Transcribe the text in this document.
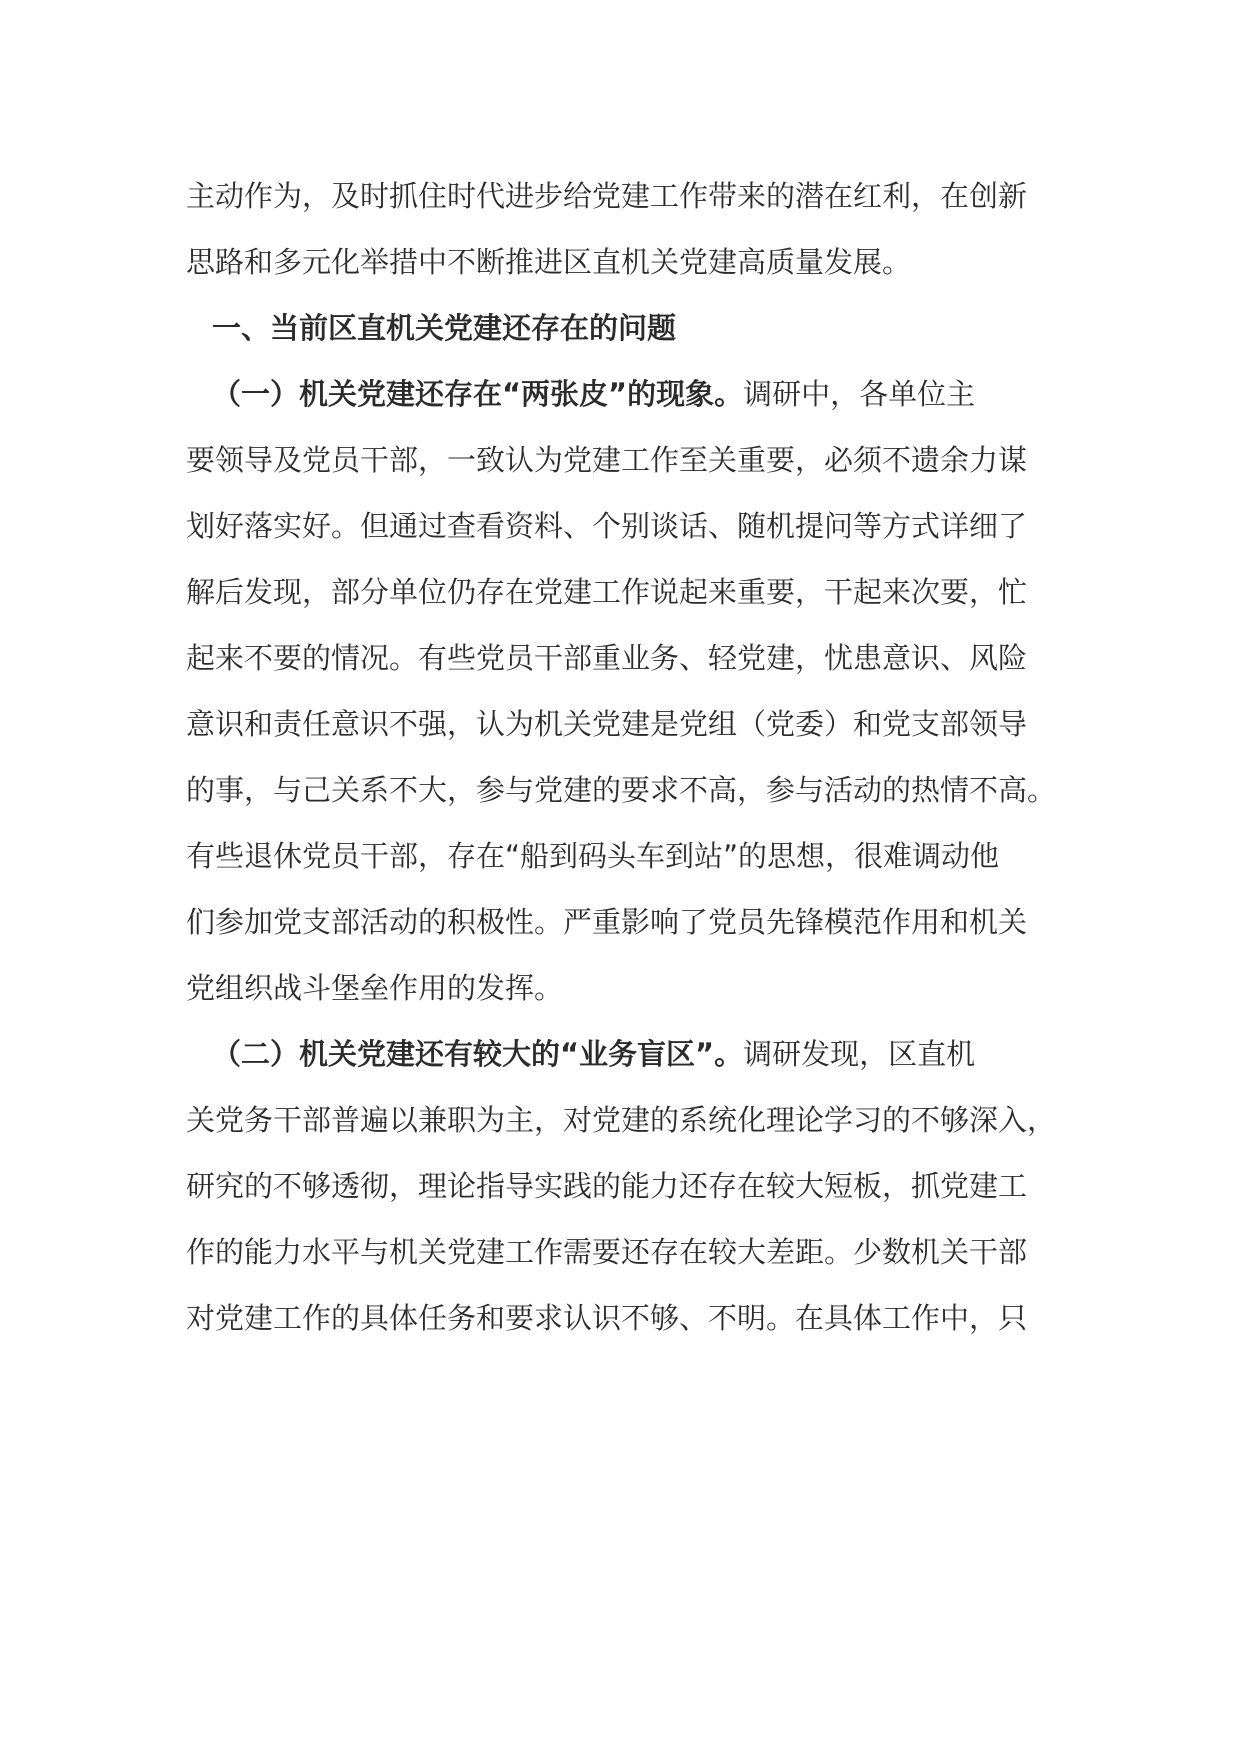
主动作为，及时抓住时代进步给党建工作带来的潜在红利，在创新
思路和多元化举措中不断推进区直机关党建高质量发展。
一、当前区直机关党建还存在的问题
（一）机关党建还存在“两张皮”的现象。调研中，各单位主
要领导及党员干部，一致认为党建工作至关重要，必须不遗余力谋
划好落实好。但通过查看资料、个别谈话、随机提问等方式详细了
解后发现，部分单位仍存在党建工作说起来重要，干起来次要，忙
起来不要的情况。有些党员干部重业务、轻党建，忧患意识、风险
意识和责任意识不强，认为机关党建是党组（党委）和党支部领导
的事，与己关系不大，参与党建的要求不高，参与活动的热情不高。
有些退休党员干部，存在“船到码头车到站”的思想，很难调动他
们参加党支部活动的积极性。严重影响了党员先锋模范作用和机关
党组织战斗堡垒作用的发挥。
（二）机关党建还有较大的“业务盲区”。调研发现，区直机
关党务干部普遍以兼职为主，对党建的系统化理论学习的不够深入，
研究的不够透彻，理论指导实践的能力还存在较大短板，抓党建工
作的能力水平与机关党建工作需要还存在较大差距。少数机关干部
对党建工作的具体任务和要求认识不够、不明。在具体工作中，只
